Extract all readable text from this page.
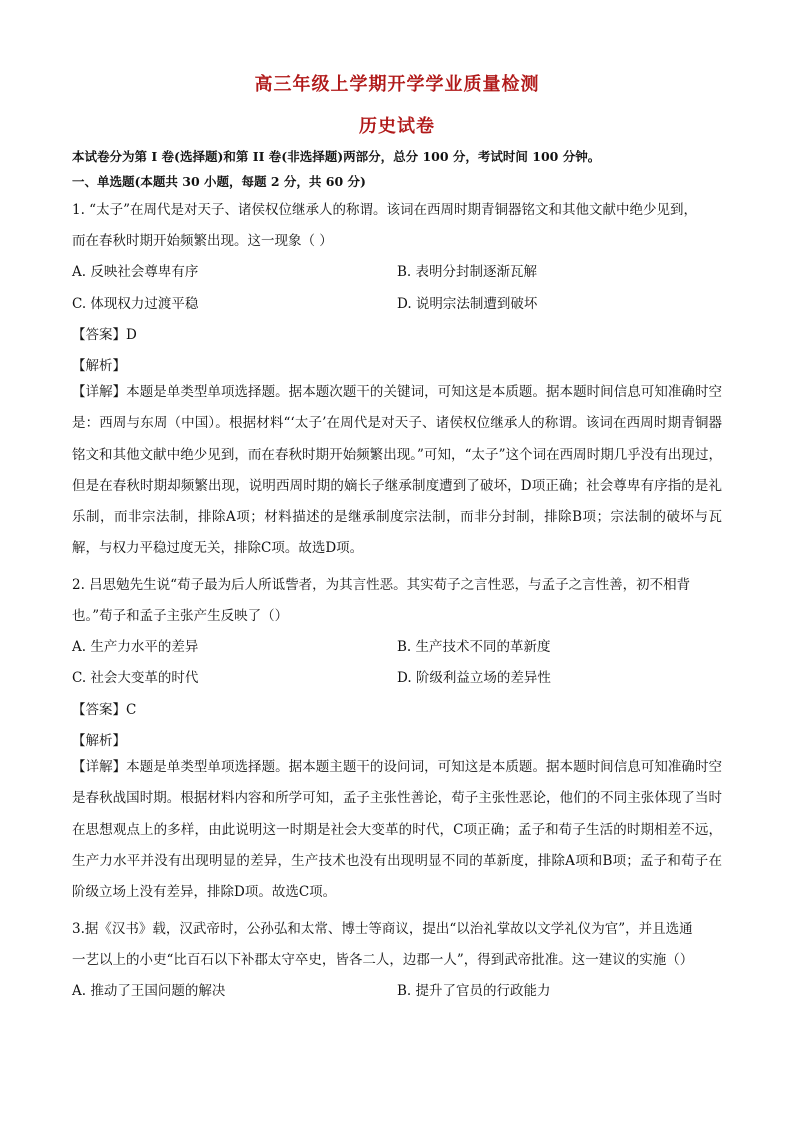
高三年级上学期开学学业质量检测
历史试卷
本试卷分为第 I 卷(选择题)和第 II 卷(非选择题)两部分，总分 100 分，考试时间 100 分钟。
一、单选题(本题共 30 小题，每题 2 分，共 60 分)
1. “太子”在周代是对天子、诸侯权位继承人的称谓。该词在西周时期青铜器铭文和其他文献中绝少见到，
而在春秋时期开始频繁出现。这一现象（ ）
A. 反映社会尊卑有序	B. 表明分封制逐渐瓦解
C. 体现权力过渡平稳	D. 说明宗法制遭到破坏
【答案】D
【解析】

【详解】本题是单类型单项选择题。据本题次题干的关键词，可知这是本质题。据本题时间信息可知准确时空是：西周与东周（中国）。根据材料“‘太子’在周代是对天子、诸侯权位继承人的称谓。该词在西周时期青铜器铭文和其他文献中绝少见到，而在春秋时期开始频繁出现。”可知，“太子”这个词在西周时期几乎没有出现过，但是在春秋时期却频繁出现，说明西周时期的嫡长子继承制度遭到了破坏，D项正确；社会尊卑有序指的是礼乐制，而非宗法制，排除A项；材料描述的是继承制度宗法制，而非分封制，排除B项；宗法制的破坏与瓦解，与权力平稳过度无关，排除C项。故选D项。

2. 吕思勉先生说“荀子最为后人所诋訾者，为其言性恶。其实荀子之言性恶，与孟子之言性善，初不相背
也。”荀子和孟子主张产生反映了（）
A. 生产力水平的差异	B. 生产技术不同的革新度
C. 社会大变革的时代	D. 阶级利益立场的差异性
【答案】C
【解析】

【详解】本题是单类型单项选择题。据本题主题干的设问词，可知这是本质题。据本题时间信息可知准确时空是春秋战国时期。根据材料内容和所学可知，孟子主张性善论，荀子主张性恶论，他们的不同主张体现了当时在思想观点上的多样，由此说明这一时期是社会大变革的时代，C项正确；孟子和荀子生活的时期相差不远，生产力水平并没有出现明显的差异，生产技术也没有出现明显不同的革新度，排除A项和B项；孟子和荀子在阶级立场上没有差异，排除D项。故选C项。

3.据《汉书》载，汉武帝时，公孙弘和太常、博士等商议，提出“以治礼掌故以文学礼仪为官”，并且选通
一艺以上的小吏“比百石以下补郡太守卒史，皆各二人，边郡一人”，得到武帝批准。这一建议的实施（）
A. 推动了王国问题的解决	B. 提升了官员的行政能力
